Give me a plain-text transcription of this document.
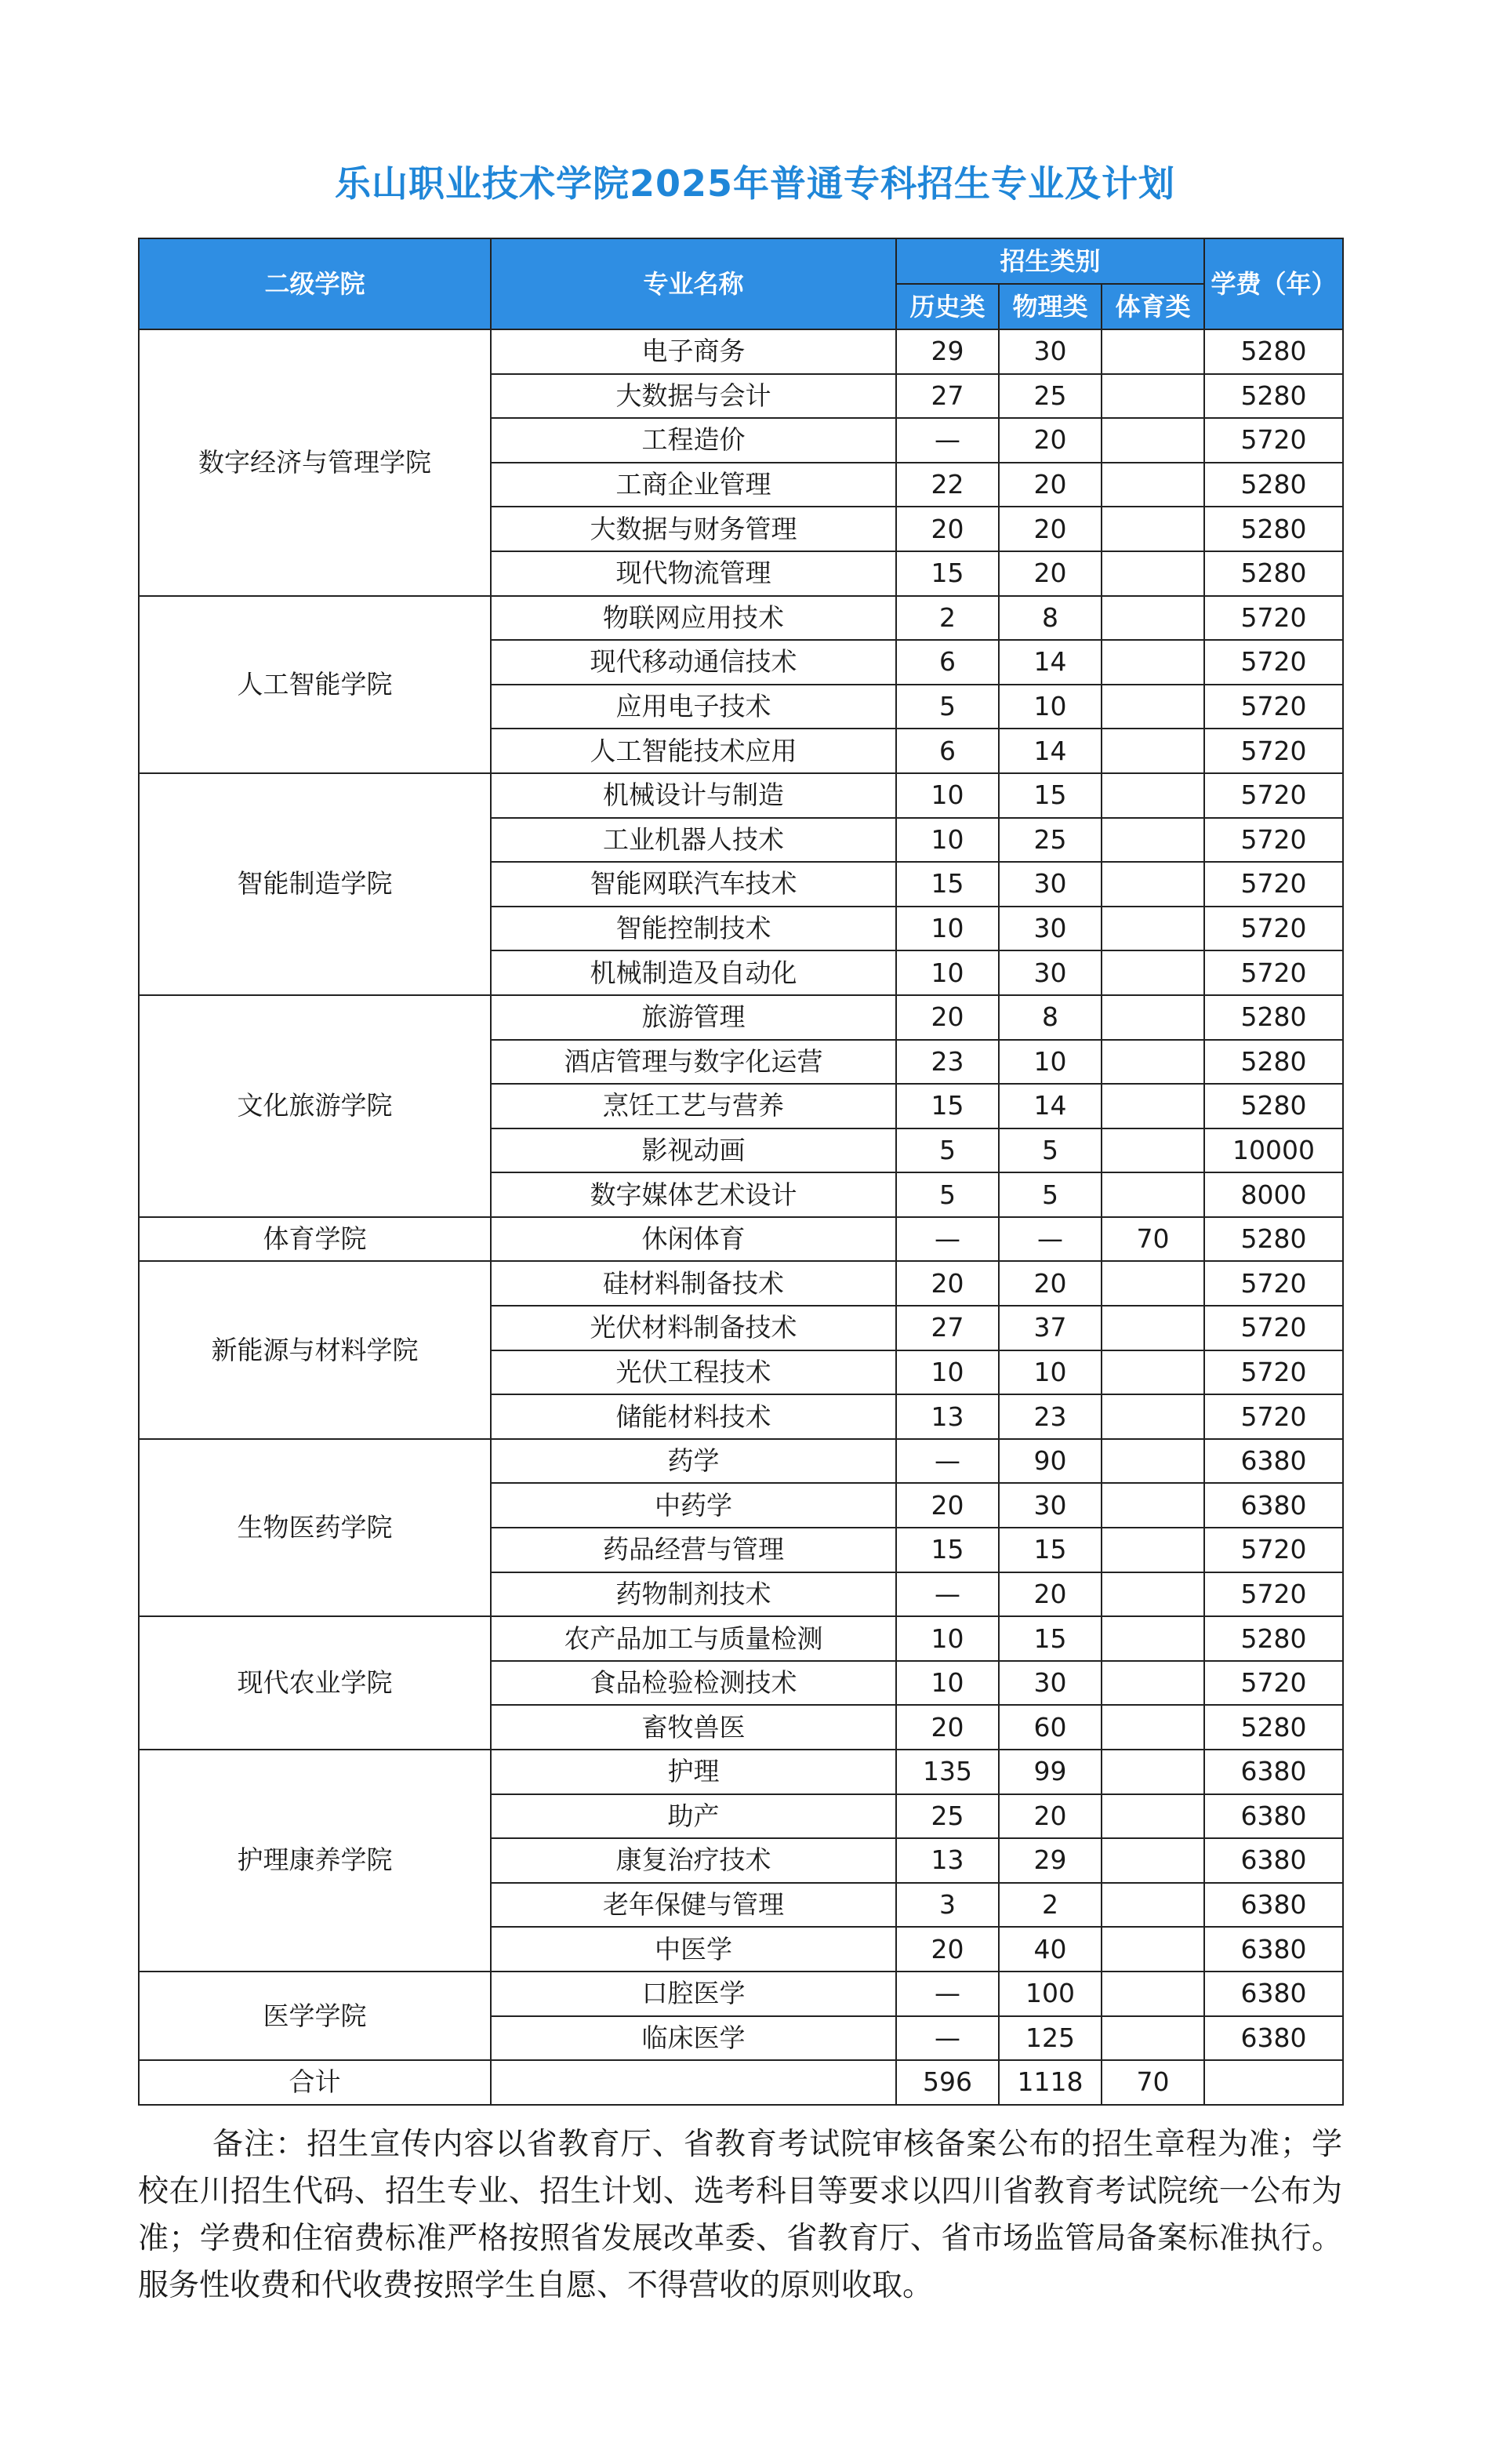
乐山职业技术学院2025年普通专科招生专业及计划
二级学院	专业名称	招生类别			学费（年）
		历史类	物理类	体育类	
数字经济与管理学院	电子商务	29	30		5280
	大数据与会计	27	25		5280
	工程造价	—	20		5720
	工商企业管理	22	20		5280
	大数据与财务管理	20	20		5280
	现代物流管理	15	20		5280
人工智能学院	物联网应用技术	2	8		5720
	现代移动通信技术	6	14		5720
	应用电子技术	5	10		5720
	人工智能技术应用	6	14		5720
智能制造学院	机械设计与制造	10	15		5720
	工业机器人技术	10	25		5720
	智能网联汽车技术	15	30		5720
	智能控制技术	10	30		5720
	机械制造及自动化	10	30		5720
文化旅游学院	旅游管理	20	8		5280
	酒店管理与数字化运营	23	10		5280
	烹饪工艺与营养	15	14		5280
	影视动画	5	5		10000
	数字媒体艺术设计	5	5		8000
体育学院	休闲体育	—	—	70	5280
新能源与材料学院	硅材料制备技术	20	20		5720
	光伏材料制备技术	27	37		5720
	光伏工程技术	10	10		5720
	储能材料技术	13	23		5720
生物医药学院	药学	—	90		6380
	中药学	20	30		6380
	药品经营与管理	15	15		5720
	药物制剂技术	—	20		5720
现代农业学院	农产品加工与质量检测	10	15		5280
	食品检验检测技术	10	30		5720
	畜牧兽医	20	60		5280
护理康养学院	护理	135	99		6380
	助产	25	20		6380
	康复治疗技术	13	29		6380
	老年保健与管理	3	2		6380
	中医学	20	40		6380
医学学院	口腔医学	—	100		6380
	临床医学	—	125		6380
合计		596	1118	70	
备注：招生宣传内容以省教育厅、省教育考试院审核备案公布的招生章程为准；学校在川招生代码、招生专业、招生计划、选考科目等要求以四川省教育考试院统一公布为准；学费和住宿费标准严格按照省发展改革委、省教育厅、省市场监管局备案标准执行。服务性收费和代收费按照学生自愿、不得营收的原则收取。
